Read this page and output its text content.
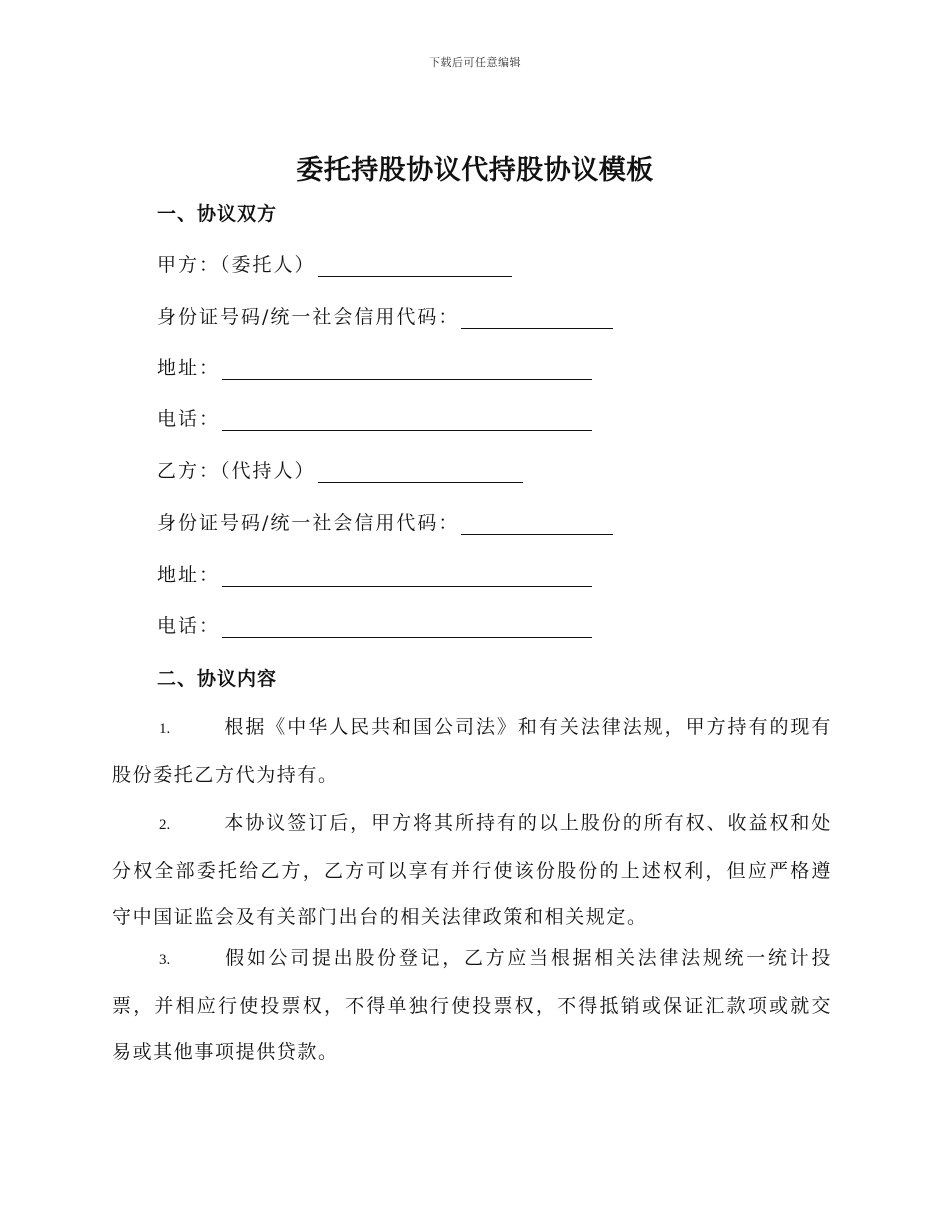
下载后可任意编辑
委托持股协议代持股协议模板
一、协议双方
甲方：（委托人）
身份证号码/统一社会信用代码：
地址：
电话：
乙方：（代持人）
身份证号码/统一社会信用代码：
地址：
电话：
二、协议内容
1.	根据《中华人民共和国公司法》和有关法律法规，甲方持有的现有股份委托乙方代为持有。
2.	本协议签订后，甲方将其所持有的以上股份的所有权、收益权和处分权全部委托给乙方，乙方可以享有并行使该份股份的上述权利，但应严格遵守中国证监会及有关部门出台的相关法律政策和相关规定。
3.	假如公司提出股份登记，乙方应当根据相关法律法规统一统计投票，并相应行使投票权，不得单独行使投票权，不得抵销或保证汇款项或就交易或其他事项提供贷款。
